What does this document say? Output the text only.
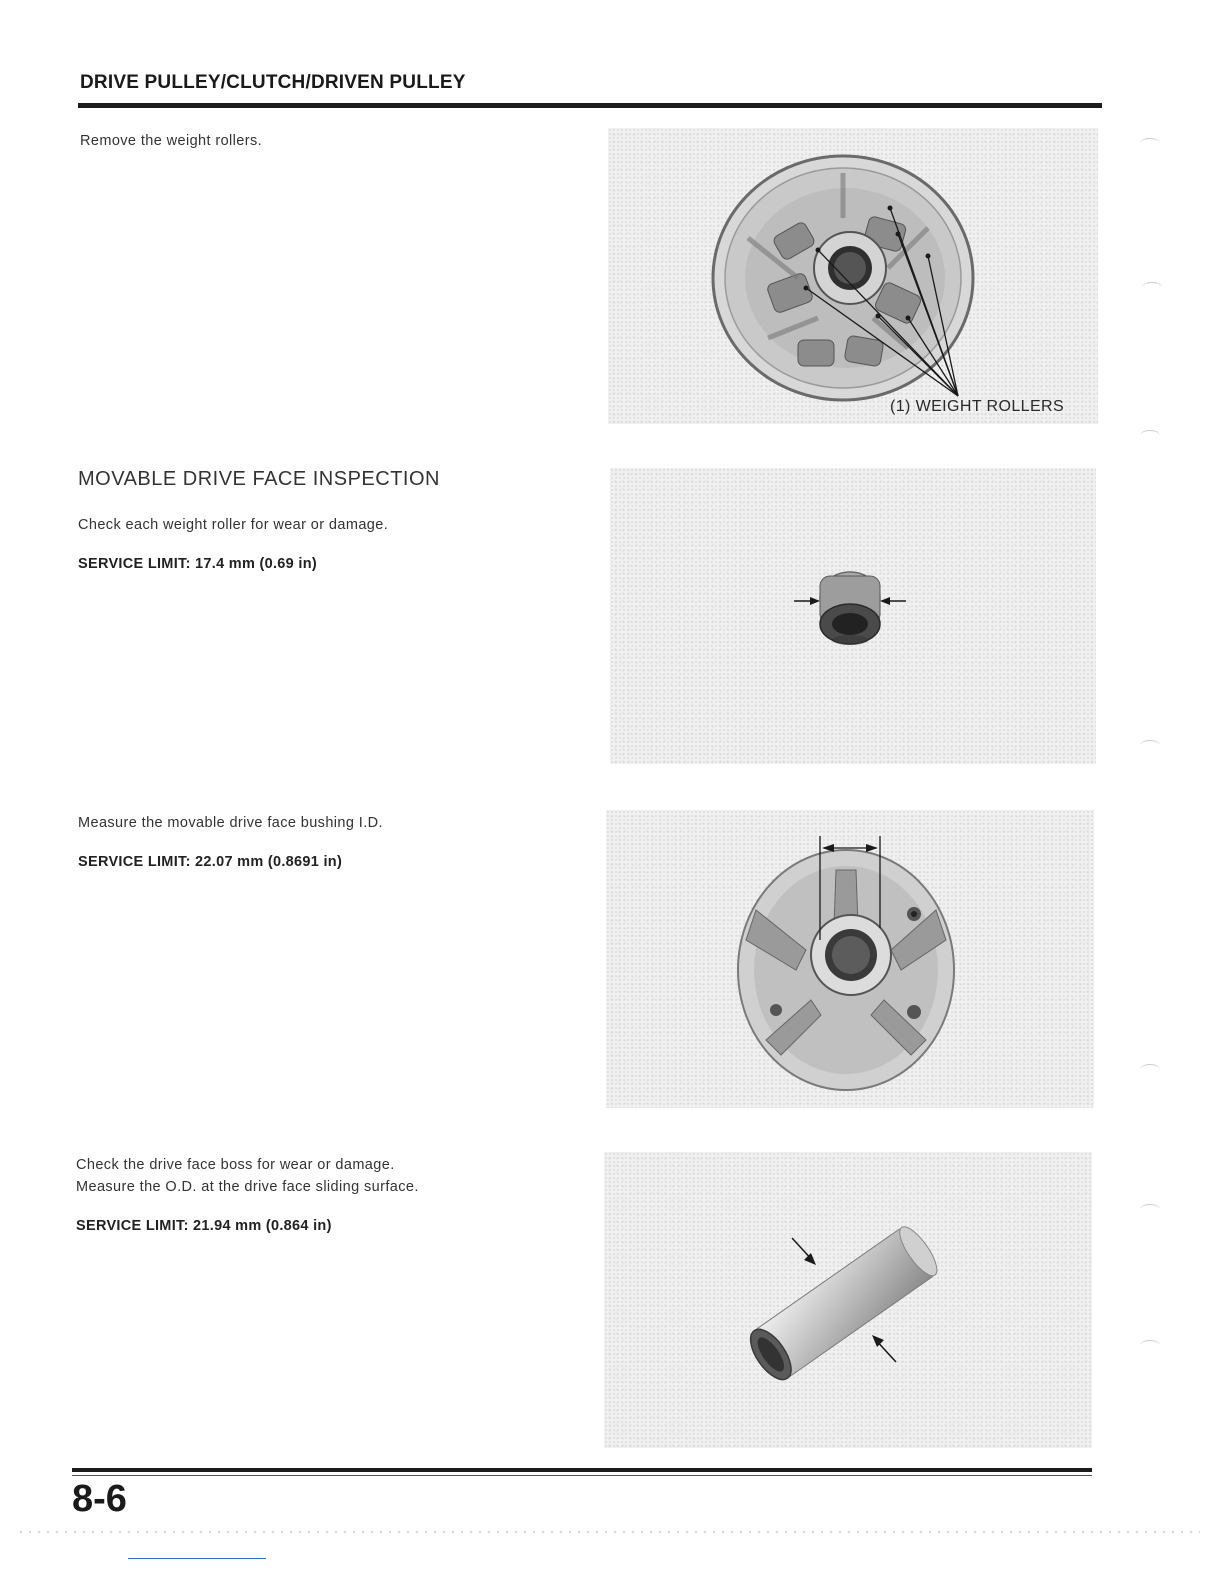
DRIVE PULLEY/CLUTCH/DRIVEN PULLEY

Remove the weight rollers.

(1) WEIGHT ROLLERS
MOVABLE DRIVE FACE INSPECTION

Check each weight roller for wear or damage.

SERVICE LIMIT: 17.4 mm (0.69 in)

Measure the movable drive face bushing I.D.

SERVICE LIMIT: 22.07 mm (0.8691 in)

Check the drive face boss for wear or damage.

Measure the O.D. at the drive face sliding surface.

SERVICE LIMIT: 21.94 mm (0.864 in)

8-6
